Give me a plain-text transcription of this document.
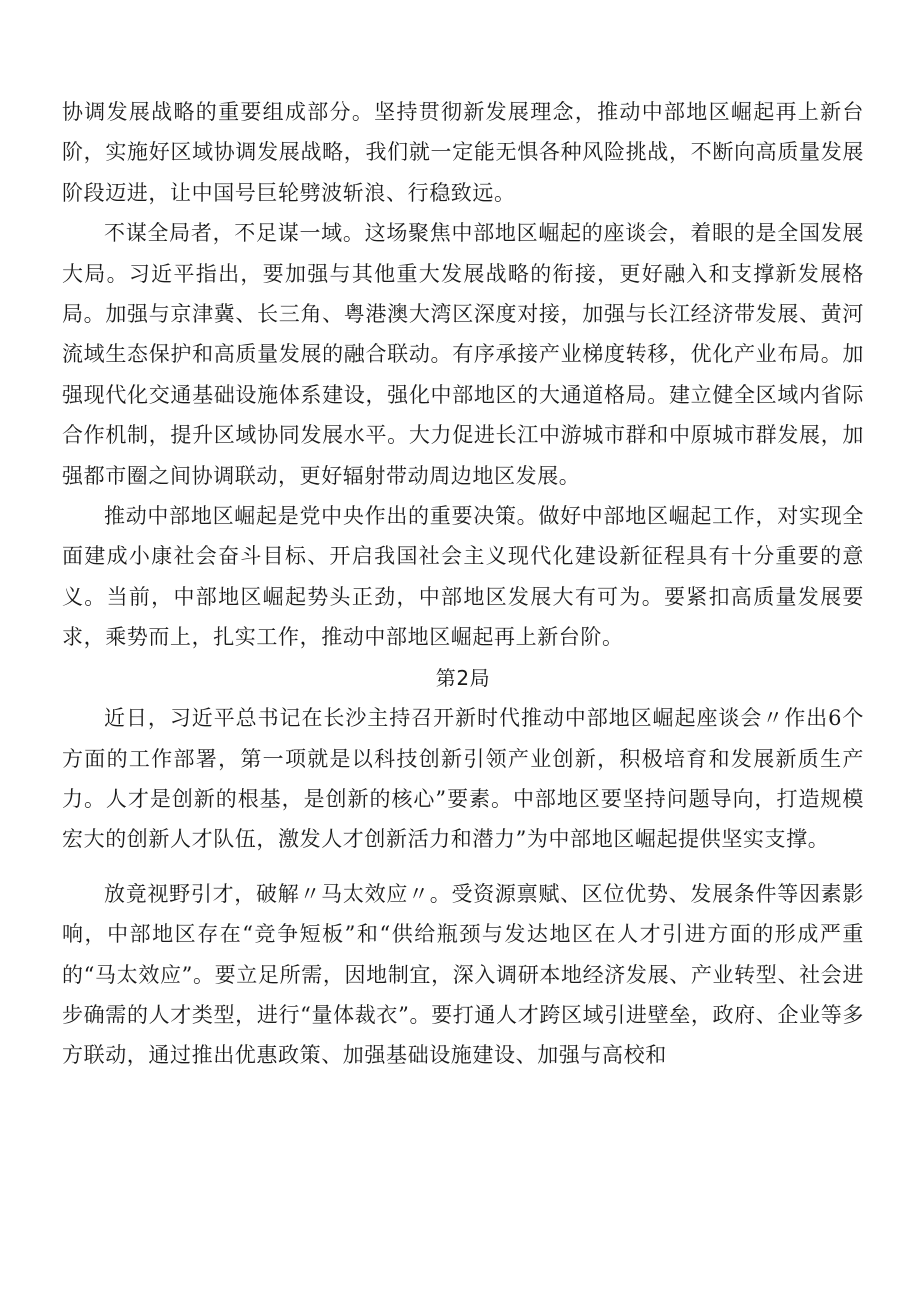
协调发展战略的重要组成部分。坚持贯彻新发展理念，推动中部地区崛起再上新台阶，实施好区域协调发展战略，我们就一定能无惧各种风险挑战，不断向高质量发展阶段迈进，让中国号巨轮劈波斩浪、行稳致远。

不谋全局者，不足谋一域。这场聚焦中部地区崛起的座谈会，着眼的是全国发展大局。习近平指出，要加强与其他重大发展战略的衔接，更好融入和支撑新发展格局。加强与京津冀、长三角、粤港澳大湾区深度对接，加强与长江经济带发展、黄河流域生态保护和高质量发展的融合联动。有序承接产业梯度转移，优化产业布局。加强现代化交通基础设施体系建设，强化中部地区的大通道格局。建立健全区域内省际合作机制，提升区域协同发展水平。大力促进长江中游城市群和中原城市群发展，加强都市圈之间协调联动，更好辐射带动周边地区发展。

推动中部地区崛起是党中央作出的重要决策。做好中部地区崛起工作，对实现全面建成小康社会奋斗目标、开启我国社会主义现代化建设新征程具有十分重要的意义。当前，中部地区崛起势头正劲，中部地区发展大有可为。要紧扣高质量发展要求，乘势而上，扎实工作，推动中部地区崛起再上新台阶。

第2局

近日，习近平总书记在长沙主持召开新时代推动中部地区崛起座谈会〃作出6个方面的工作部署，第一项就是以科技创新引领产业创新，积极培育和发展新质生产力。人才是创新的根基，是创新的核心”要素。中部地区要坚持问题导向，打造规模宏大的创新人才队伍，激发人才创新活力和潜力”为中部地区崛起提供坚实支撑。

放竟视野引才，破解〃马太效应〃。受资源禀赋、区位优势、发展条件等因素影响，中部地区存在“竞争短板”和“供给瓶颈与发达地区在人才引进方面的形成严重的“马太效应”。要立足所需，因地制宜，深入调研本地经济发展、产业转型、社会进步确需的人才类型，进行“量体裁衣”。要打通人才跨区域引进壁垒，政府、企业等多方联动，通过推出优惠政策、加强基础设施建设、加强与高校和
